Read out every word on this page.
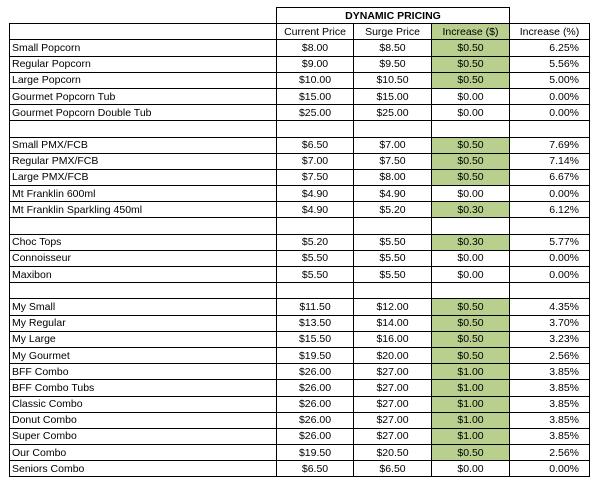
	DYNAMIC PRICING			
	Current Price	Surge Price	Increase ($)	Increase (%)
Small Popcorn	$8.00	$8.50	$0.50	6.25%
Regular Popcorn	$9.00	$9.50	$0.50	5.56%
Large Popcorn	$10.00	$10.50	$0.50	5.00%
Gourmet Popcorn Tub	$15.00	$15.00	$0.00	0.00%
Gourmet Popcorn Double Tub	$25.00	$25.00	$0.00	0.00%

Small PMX/FCB	$6.50	$7.00	$0.50	7.69%
Regular PMX/FCB	$7.00	$7.50	$0.50	7.14%
Large PMX/FCB	$7.50	$8.00	$0.50	6.67%
Mt Franklin 600ml	$4.90	$4.90	$0.00	0.00%
Mt Franklin Sparkling 450ml	$4.90	$5.20	$0.30	6.12%

Choc Tops	$5.20	$5.50	$0.30	5.77%
Connoisseur	$5.50	$5.50	$0.00	0.00%
Maxibon	$5.50	$5.50	$0.00	0.00%

My Small	$11.50	$12.00	$0.50	4.35%
My Regular	$13.50	$14.00	$0.50	3.70%
My Large	$15.50	$16.00	$0.50	3.23%
My Gourmet	$19.50	$20.00	$0.50	2.56%
BFF Combo	$26.00	$27.00	$1.00	3.85%
BFF Combo Tubs	$26.00	$27.00	$1.00	3.85%
Classic Combo	$26.00	$27.00	$1.00	3.85%
Donut Combo	$26.00	$27.00	$1.00	3.85%
Super Combo	$26.00	$27.00	$1.00	3.85%
Our Combo	$19.50	$20.50	$0.50	2.56%
Seniors Combo	$6.50	$6.50	$0.00	0.00%
